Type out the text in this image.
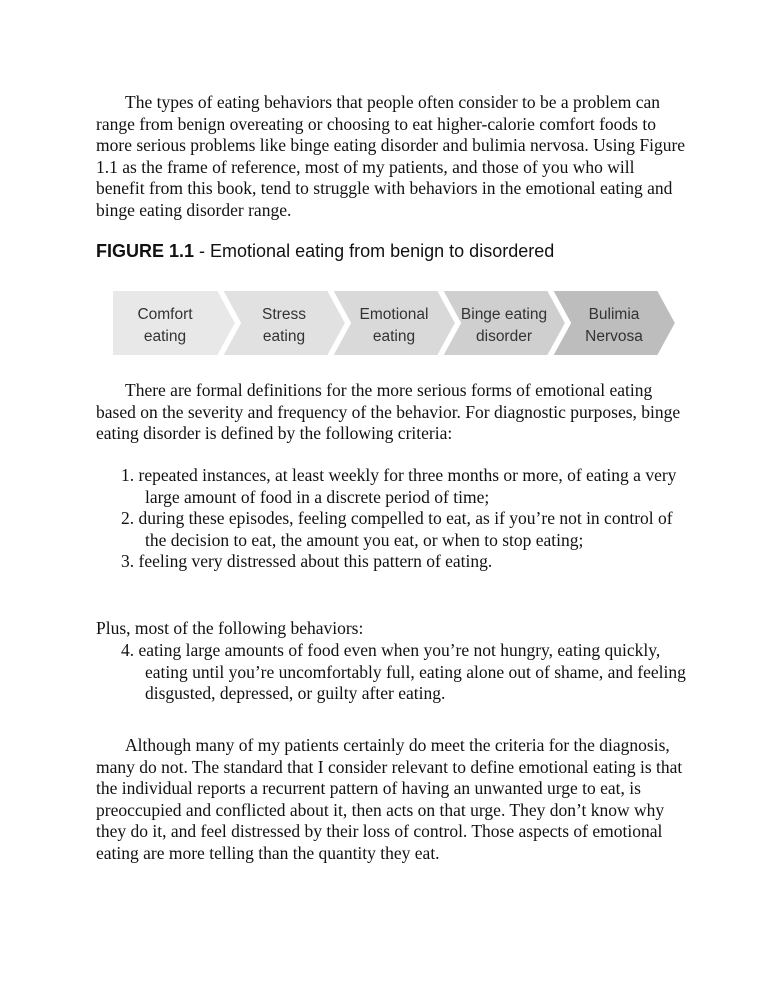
The types of eating behaviors that people often consider to be a problem can range from benign overeating or choosing to eat higher-calorie comfort foods to more serious problems like binge eating disorder and bulimia nervosa. Using Figure 1.1 as the frame of reference, most of my patients, and those of you who will benefit from this book, tend to struggle with behaviors in the emotional eating and binge eating disorder range.

FIGURE 1.1 - Emotional eating from benign to disordered

Comfort
eating
Stress
eating
Emotional
eating
Binge eating
disorder
Bulimia
Nervosa

There are formal definitions for the more serious forms of emotional eating based on the severity and frequency of the behavior. For diagnostic purposes, binge eating disorder is defined by the following criteria:

1. repeated instances, at least weekly for three months or more, of eating a very large amount of food in a discrete period of time;
2. during these episodes, feeling compelled to eat, as if you’re not in control of the decision to eat, the amount you eat, or when to stop eating;
3. feeling very distressed about this pattern of eating.

Plus, most of the following behaviors:

4. eating large amounts of food even when you’re not hungry, eating quickly, eating until you’re uncomfortably full, eating alone out of shame, and feeling disgusted, depressed, or guilty after eating.

Although many of my patients certainly do meet the criteria for the diagnosis, many do not. The standard that I consider relevant to define emotional eating is that the individual reports a recurrent pattern of having an unwanted urge to eat, is preoccupied and conflicted about it, then acts on that urge. They don’t know why they do it, and feel distressed by their loss of control. Those aspects of emotional eating are more telling than the quantity they eat.
